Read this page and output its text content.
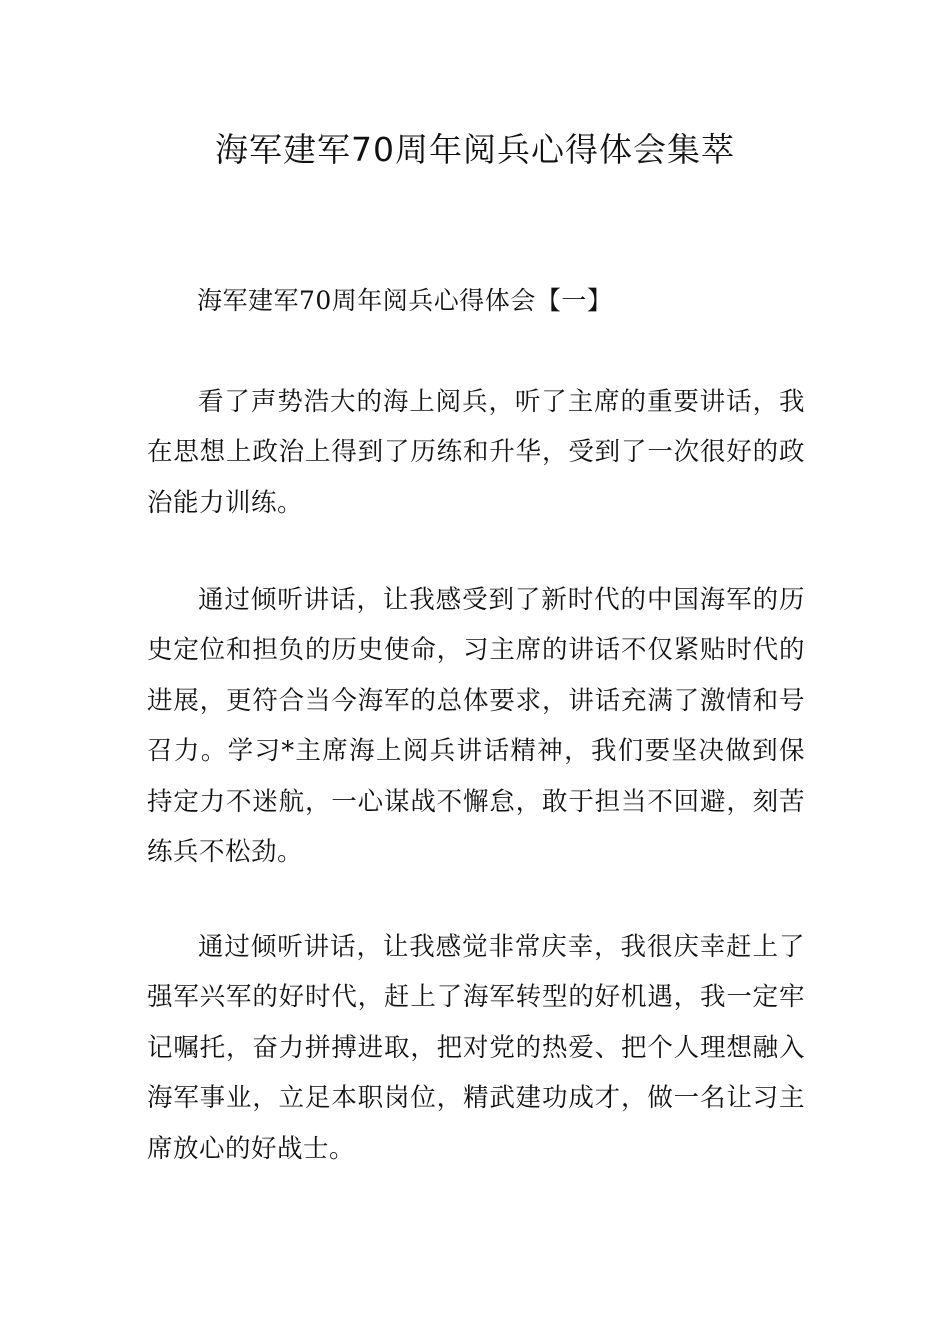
海军建军70周年阅兵心得体会集萃
海军建军70周年阅兵心得体会【一】

看了声势浩大的海上阅兵，听了主席的重要讲话，我在思想上政治上得到了历练和升华，受到了一次很好的政治能力训练。

通过倾听讲话，让我感受到了新时代的中国海军的历史定位和担负的历史使命，习主席的讲话不仅紧贴时代的进展，更符合当今海军的总体要求，讲话充满了激情和号召力。学习*主席海上阅兵讲话精神，我们要坚决做到保持定力不迷航，一心谋战不懈怠，敢于担当不回避，刻苦练兵不松劲。

通过倾听讲话，让我感觉非常庆幸，我很庆幸赶上了强军兴军的好时代，赶上了海军转型的好机遇，我一定牢记嘱托，奋力拼搏进取，把对党的热爱、把个人理想融入海军事业，立足本职岗位，精武建功成才，做一名让习主席放心的好战士。
